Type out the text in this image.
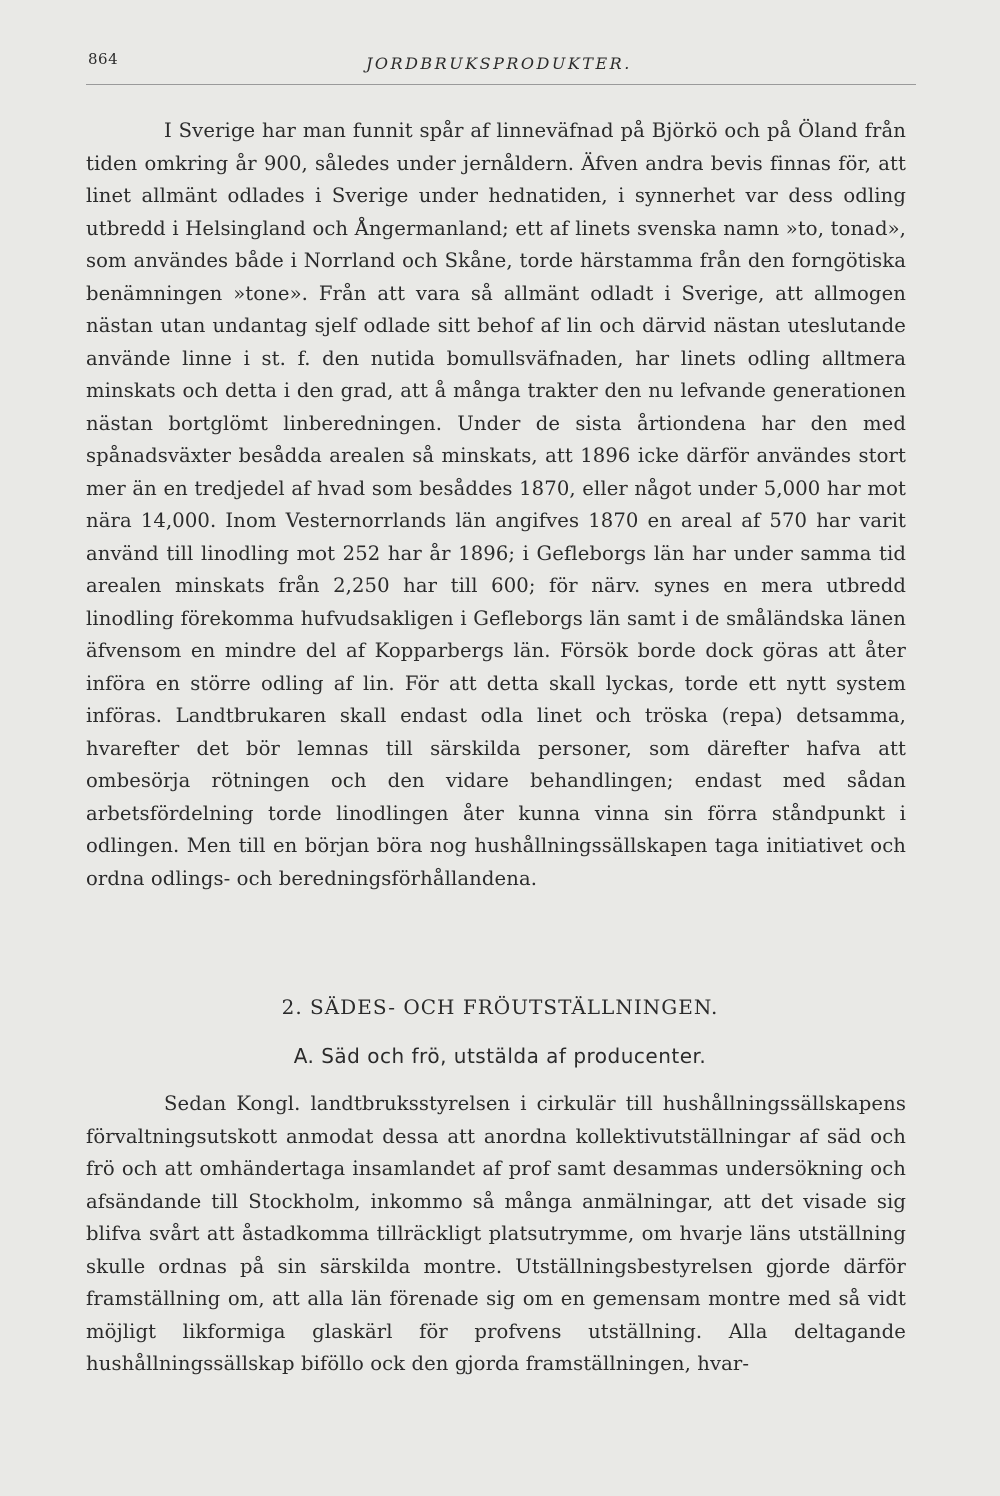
864	JORDBRUKSPRODUKTER.
I Sverige har man funnit spår af linneväfnad på Björkö och på Öland från tiden omkring år 900, således under jernåldern. Äfven andra bevis finnas för, att linet allmänt odlades i Sverige under hednatiden, i synnerhet var dess odling utbredd i Helsingland och Ångermanland; ett af linets svenska namn »to, tonad», som användes både i Norrland och Skåne, torde härstamma från den forngötiska benämningen »tone». Från att vara så allmänt odladt i Sverige, att allmogen nästan utan undantag sjelf odlade sitt behof af lin och därvid nästan uteslutande använde linne i st. f. den nutida bomullsväfnaden, har linets odling alltmera minskats och detta i den grad, att å många trakter den nu lefvande generationen nästan bortglömt linberedningen. Under de sista årtiondena har den med spånadsväxter besådda arealen så minskats, att 1896 icke därför användes stort mer än en tredjedel af hvad som besåddes 1870, eller något under 5,000 har mot nära 14,000. Inom Vesternorrlands län angifves 1870 en areal af 570 har varit använd till linodling mot 252 har år 1896; i Gefleborgs län har under samma tid arealen minskats från 2,250 har till 600; för närv. synes en mera utbredd linodling förekomma hufvudsakligen i Gefleborgs län samt i de småländska länen äfvensom en mindre del af Kopparbergs län. Försök borde dock göras att åter införa en större odling af lin. För att detta skall lyckas, torde ett nytt system införas. Landtbrukaren skall endast odla linet och tröska (repa) detsamma, hvarefter det bör lemnas till särskilda personer, som därefter hafva att ombesörja rötningen och den vidare behandlingen; endast med sådan arbetsfördelning torde linodlingen åter kunna vinna sin förra ståndpunkt i odlingen. Men till en början böra nog hushållningssällskapen taga initiativet och ordna odlings- och beredningsförhållandena.
2. SÄDES- OCH FRÖUTSTÄLLNINGEN.
A. Säd och frö, utstälda af producenter.
Sedan Kongl. landtbruksstyrelsen i cirkulär till hushållningssällskapens förvaltningsutskott anmodat dessa att anordna kollektivutställningar af säd och frö och att omhändertaga insamlandet af prof samt desammas undersökning och afsändande till Stockholm, inkommo så många anmälningar, att det visade sig blifva svårt att åstadkomma tillräckligt platsutrymme, om hvarje läns utställning skulle ordnas på sin särskilda montre. Utställningsbestyrelsen gjorde därför framställning om, att alla län förenade sig om en gemensam montre med så vidt möjligt likformiga glaskärl för profvens utställning. Alla deltagande hushållningssällskap biföllo ock den gjorda framställningen, hvar-
